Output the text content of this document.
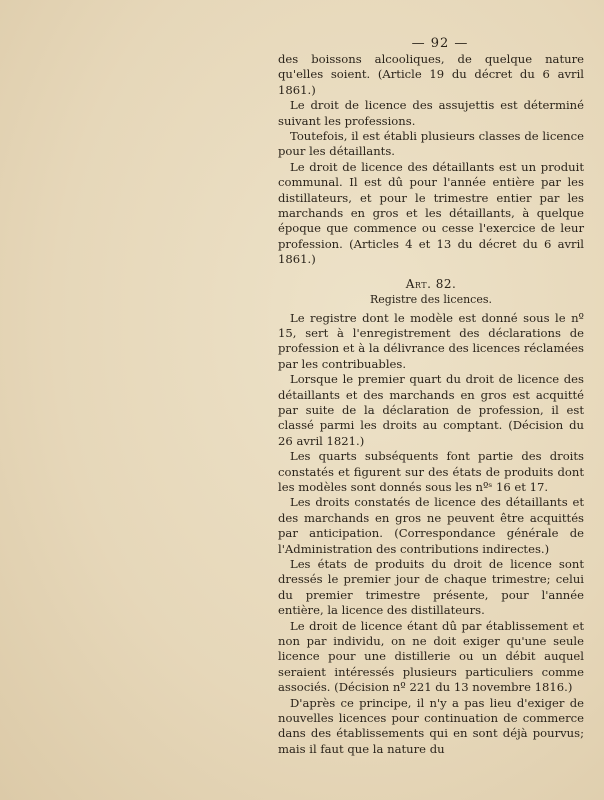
— 92 —

des boissons alcooliques, de quelque nature qu'elles soient. (Article 19 du décret du 6 avril 1861.)

Le droit de licence des assujettis est déterminé suivant les professions.

Toutefois, il est établi plusieurs classes de licence pour les détaillants.

Le droit de licence des détaillants est un produit communal. Il est dû pour l'année entière par les distillateurs, et pour le trimestre entier par les marchands en gros et les détaillants, à quelque époque que commence ou cesse l'exercice de leur profession. (Articles 4 et 13 du décret du 6 avril 1861.)

Art. 82.
Registre des licences.

Le registre dont le modèle est donné sous le nº 15, sert à l'enregistrement des déclarations de profession et à la délivrance des licences réclamées par les contribuables.

Lorsque le premier quart du droit de licence des détaillants et des marchands en gros est acquitté par suite de la déclaration de profession, il est classé parmi les droits au comptant. (Décision du 26 avril 1821.)

Les quarts subséquents font partie des droits constatés et figurent sur des états de produits dont les modèles sont donnés sous les nºˢ 16 et 17.

Les droits constatés de licence des détaillants et des marchands en gros ne peuvent être acquittés par anticipation. (Correspondance générale de l'Administration des contributions indirectes.)

Les états de produits du droit de licence sont dressés le premier jour de chaque trimestre; celui du premier trimestre présente, pour l'année entière, la licence des distillateurs.

Le droit de licence étant dû par établissement et non par individu, on ne doit exiger qu'une seule licence pour une distillerie ou un débit auquel seraient intéressés plusieurs particuliers comme associés. (Décision nº 221 du 13 novembre 1816.)

D'après ce principe, il n'y a pas lieu d'exiger de nouvelles licences pour continuation de commerce dans des établissements qui en sont déjà pourvus; mais il faut que la nature du
